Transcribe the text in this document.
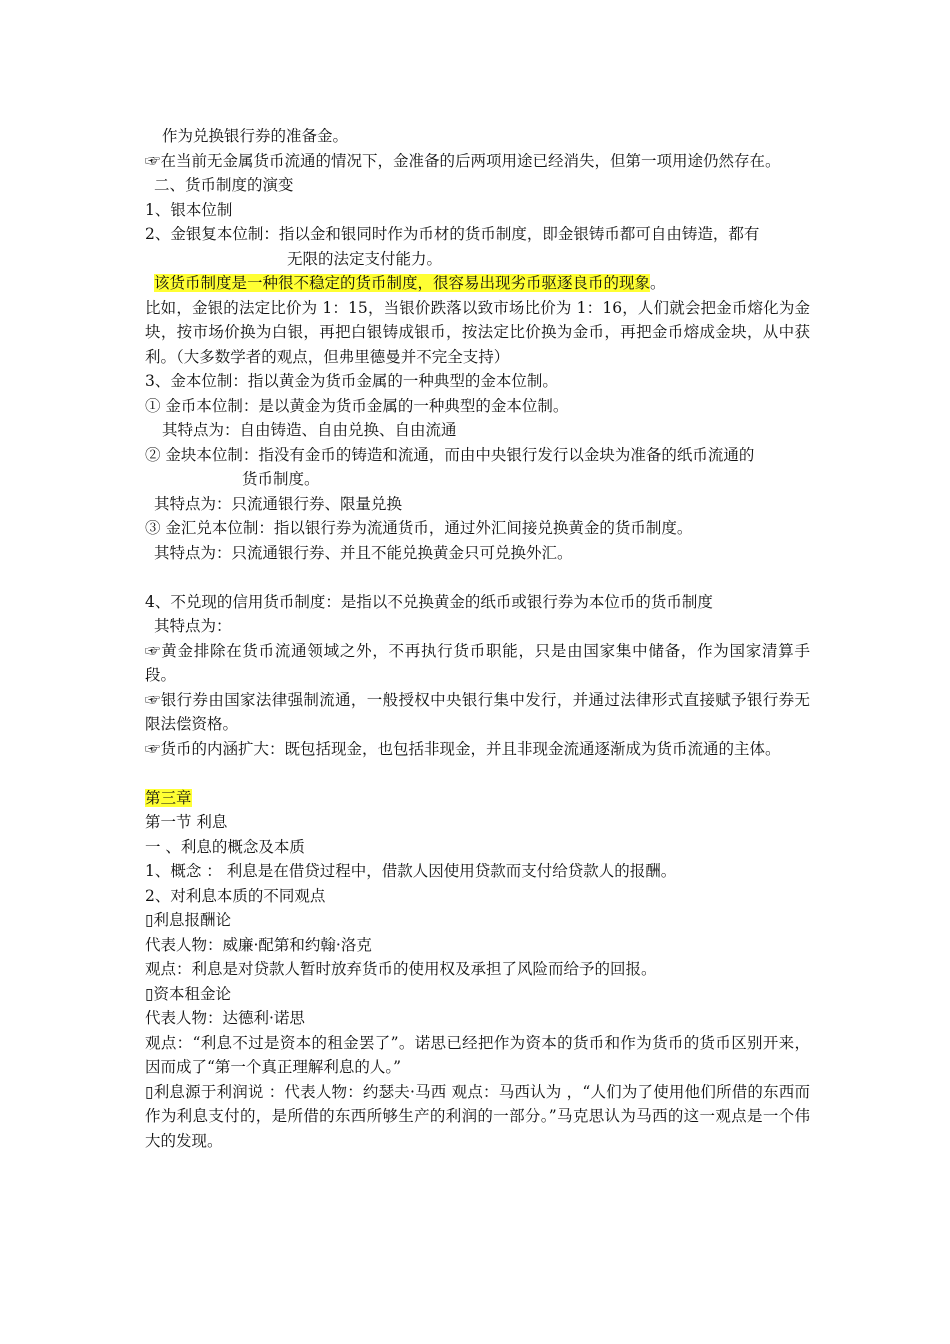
作为兑换银行券的准备金。

☞在当前无金属货币流通的情况下，金准备的后两项用途已经消失，但第一项用途仍然存在。

二、货币制度的演变

1、银本位制

2、金银复本位制：指以金和银同时作为币材的货币制度，即金银铸币都可自由铸造，都有

无限的法定支付能力。

该货币制度是一种很不稳定的货币制度，很容易出现劣币驱逐良币的现象。

比如，金银的法定比价为 1：15，当银价跌落以致市场比价为 1：16，人们就会把金币熔化为金块，按市场价换为白银，再把白银铸成银币，按法定比价换为金币，再把金币熔成金块，从中获利。（大多数学者的观点，但弗里德曼并不完全支持）

3、金本位制：指以黄金为货币金属的一种典型的金本位制。

① 金币本位制：是以黄金为货币金属的一种典型的金本位制。

其特点为：自由铸造、自由兑换、自由流通

② 金块本位制：指没有金币的铸造和流通，而由中央银行发行以金块为准备的纸币流通的

货币制度。

其特点为：只流通银行券、限量兑换

③ 金汇兑本位制：指以银行券为流通货币，通过外汇间接兑换黄金的货币制度。

其特点为：只流通银行券、并且不能兑换黄金只可兑换外汇。

4、不兑现的信用货币制度：是指以不兑换黄金的纸币或银行券为本位币的货币制度

其特点为：

☞黄金排除在货币流通领域之外，不再执行货币职能，只是由国家集中储备，作为国家清算手段。

☞银行券由国家法律强制流通，一般授权中央银行集中发行，并通过法律形式直接赋予银行券无限法偿资格。

☞货币的内涵扩大：既包括现金，也包括非现金，并且非现金流通逐渐成为货币流通的主体。

第三章

第一节 利息

一 、利息的概念及本质

1、概念 ： 利息是在借贷过程中，借款人因使用贷款而支付给贷款人的报酬。

2、对利息本质的不同观点

▯利息报酬论

代表人物：威廉·配第和约翰·洛克

观点：利息是对贷款人暂时放弃货币的使用权及承担了风险而给予的回报。

▯资本租金论

代表人物：达德利·诺思

观点：“利息不过是资本的租金罢了”。诺思已经把作为资本的货币和作为货币的货币区别开来，因而成了“第一个真正理解利息的人。”

▯利息源于利润说 ：代表人物：约瑟夫·马西 观点：马西认为 ，“人们为了使用他们所借的东西而作为利息支付的，是所借的东西所够生产的利润的一部分。”马克思认为马西的这一观点是一个伟大的发现。
